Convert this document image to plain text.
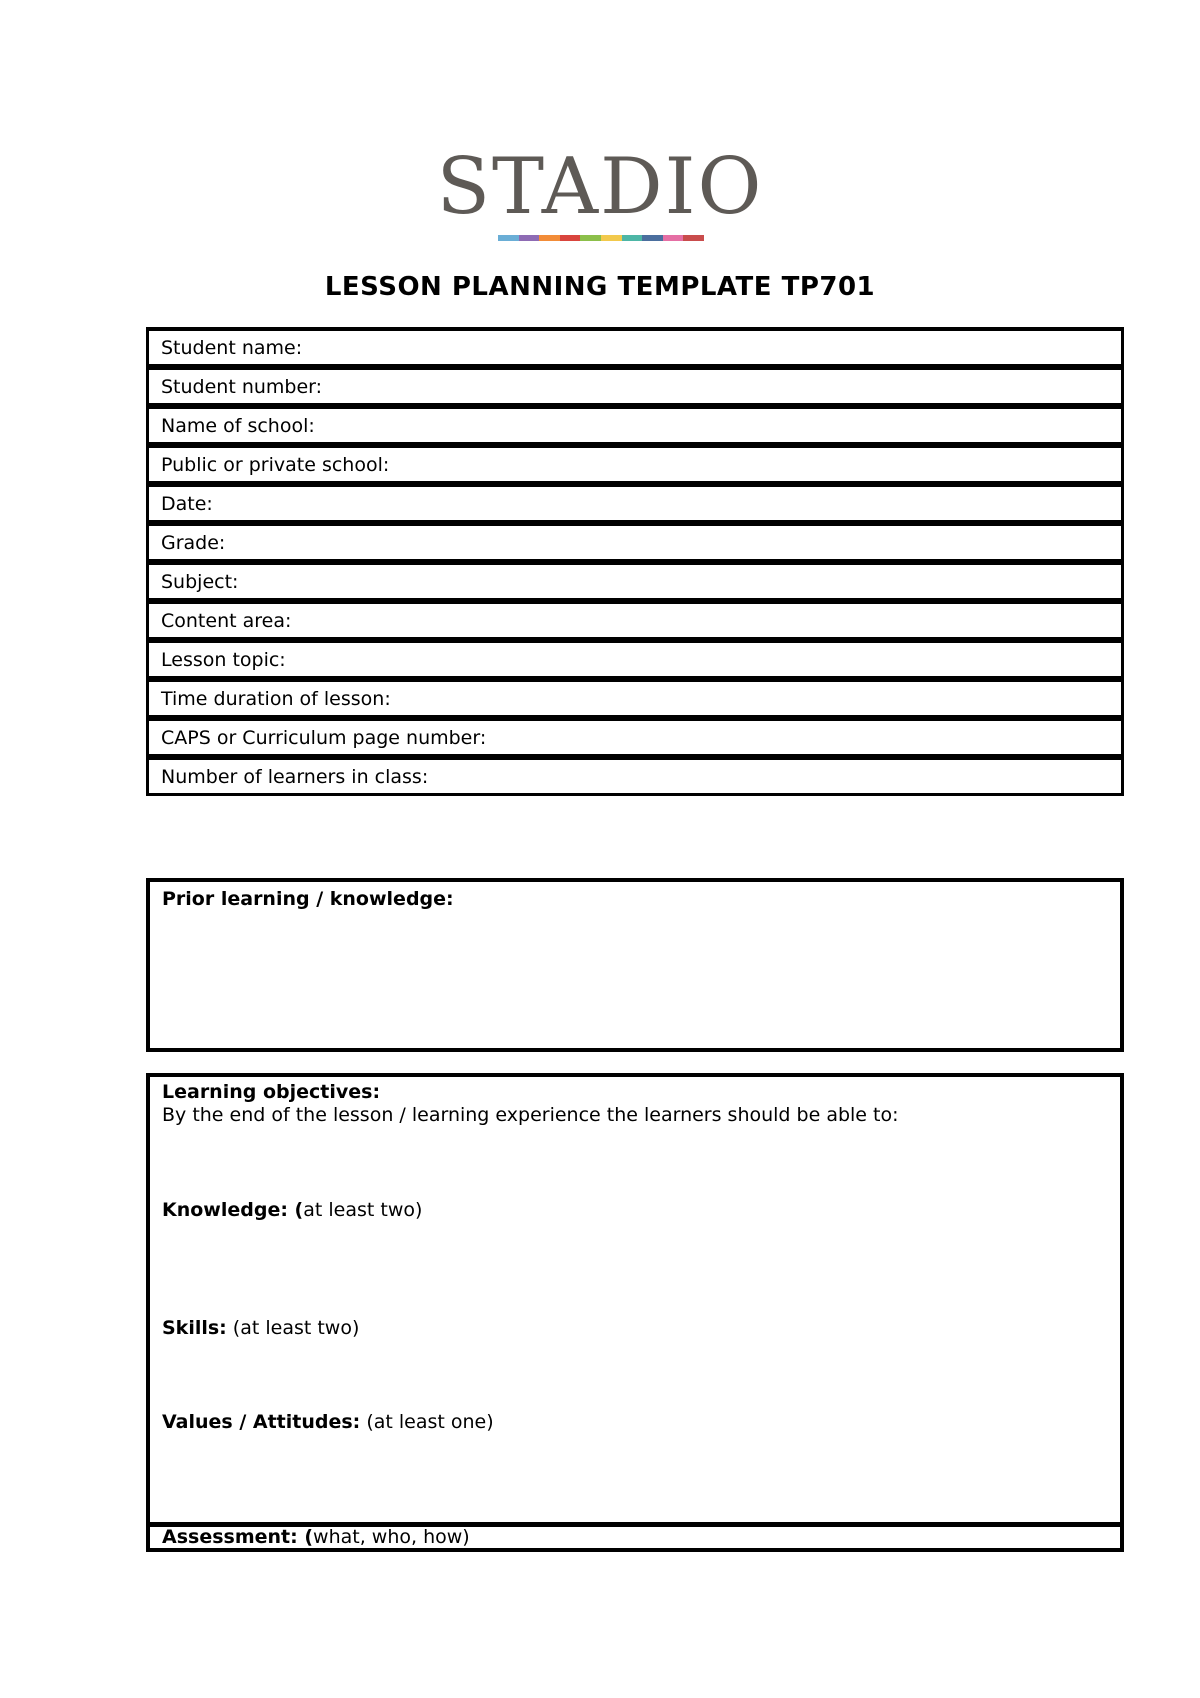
STADIO
LESSON PLANNING TEMPLATE TP701
Student name:
Student number:
Name of school:
Public or private school:
Date:
Grade:
Subject:
Content area:
Lesson topic:
Time duration of lesson:
CAPS or Curriculum page number:
Number of learners in class:
Prior learning / knowledge:
Learning objectives:
By the end of the lesson / learning experience the learners should be able to:
Knowledge: (at least two)
Skills: (at least two)
Values / Attitudes: (at least one)
Assessment: (what, who, how)
